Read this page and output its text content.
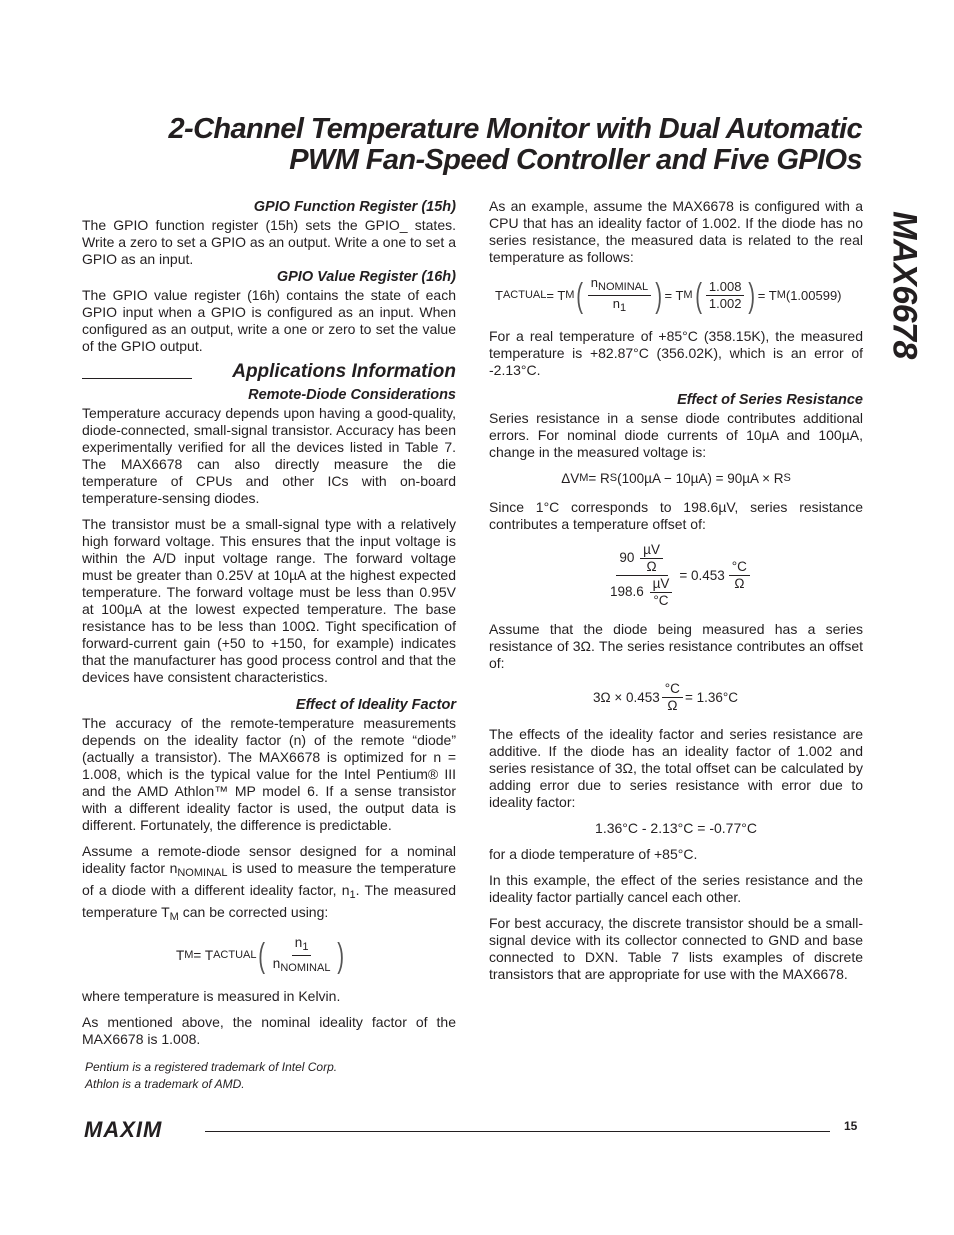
2-Channel Temperature Monitor with Dual Automatic
PWM Fan-Speed Controller and Five GPIOs
MAX6678
GPIO Function Register (15h)

The GPIO function register (15h) sets the GPIO_ states. Write a zero to set a GPIO as an output. Write a one to set a GPIO as an input.

GPIO Value Register (16h)

The GPIO value register (16h) contains the state of each GPIO input when a GPIO is configured as an input. When configured as an output, write a one or zero to set the value of the GPIO output.

Applications Information
Remote-Diode Considerations

Temperature accuracy depends upon having a good-quality, diode-connected, small-signal transistor. Accuracy has been experimentally verified for all the devices listed in Table 7. The MAX6678 can also directly measure the die temperature of CPUs and other ICs with on-board temperature-sensing diodes.

The transistor must be a small-signal type with a relatively high forward voltage. This ensures that the input voltage is within the A/D input voltage range. The forward voltage must be greater than 0.25V at 10µA at the highest expected temperature. The forward voltage must be less than 0.95V at 100µA at the lowest expected temperature. The base resistance has to be less than 100Ω. Tight specification of forward-current gain (+50 to +150, for example) indicates that the manufacturer has good process control and that the devices have consistent characteristics.

Effect of Ideality Factor

The accuracy of the remote-temperature measurements depends on the ideality factor (n) of the remote “diode” (actually a transistor). The MAX6678 is optimized for n = 1.008, which is the typical value for the Intel Pentium® III and the AMD Athlon™ MP model 6. If a sense transistor with a different ideality factor is used, the output data is different. Fortunately, the difference is predictable.

Assume a remote-diode sensor designed for a nominal ideality factor $n_{NOMINAL}$ is used to measure the temperature of a diode with a different ideality factor, $n_1$. The measured temperature $T_M$ can be corrected using:

T M = T ACTUAL ( $\frac{n_1}{n_{NOMINAL}}$ )

where temperature is measured in Kelvin.

As mentioned above, the nominal ideality factor of the MAX6678 is 1.008.

As an example, assume the MAX6678 is configured with a CPU that has an ideality factor of 1.002. If the diode has no series resistance, the measured data is related to the real temperature as follows:

T ACTUAL = T M ( $\frac{n_{NOMINAL}}{n_1}$ ) = T M ( $\frac{1.008}{1.002}$ ) = T M (1.00599)

For a real temperature of +85°C (358.15K), the measured temperature is +82.87°C (356.02K), which is an error of -2.13°C.

Effect of Series Resistance

Series resistance in a sense diode contributes additional errors. For nominal diode currents of 10µA and 100µA, change in the measured voltage is:

ΔV M = R S (100µA − 10µA) = 90µA × R S

Since 1°C corresponds to 198.6µV, series resistance contributes a temperature offset of:

$\frac{90 \frac{\text{µV}}{\Omega}}{198.6 \frac{\text{µV}}{^\circ C}} = 0.453 \frac{^\circ C}{\Omega}$

Assume that the diode being measured has a series resistance of 3Ω. The series resistance contributes an offset of:

$3\Omega \times 0.453 \frac{^\circ C}{\Omega} = 1.36^\circ C$

The effects of the ideality factor and series resistance are additive. If the diode has an ideality factor of 1.002 and series resistance of 3Ω, the total offset can be calculated by adding error due to series resistance with error due to ideality factor:

1.36°C - 2.13°C = -0.77°C

for a diode temperature of +85°C.

In this example, the effect of the series resistance and the ideality factor partially cancel each other.

For best accuracy, the discrete transistor should be a small-signal device with its collector connected to GND and base connected to DXN. Table 7 lists examples of discrete transistors that are appropriate for use with the MAX6678.

Pentium is a registered trademark of Intel Corp.
Athlon is a trademark of AMD.
MAXIM	15
